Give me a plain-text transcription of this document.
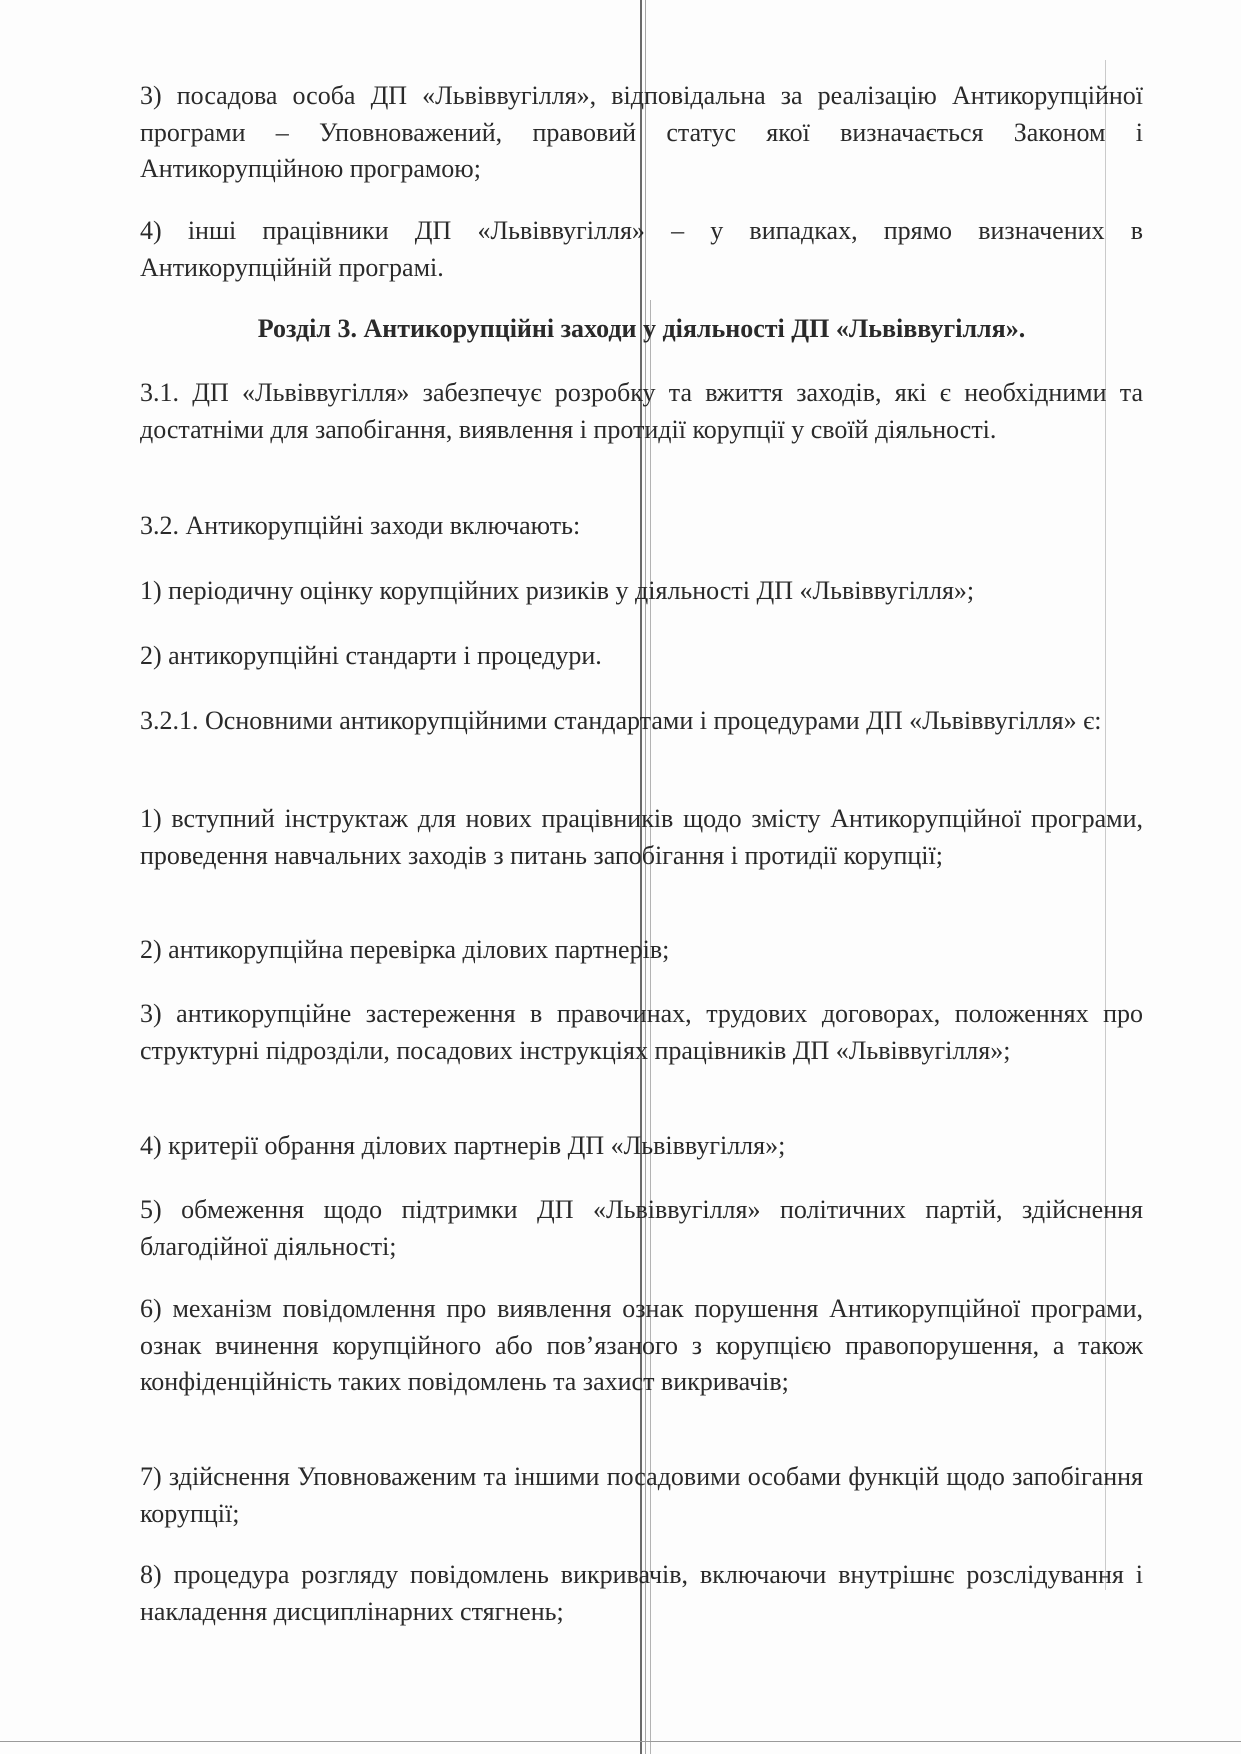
3) посадова особа ДП «Львіввугілля», відповідальна за реалізацію Антикорупційної програми – Уповноважений, правовий статус якої визначається Законом і Антикорупційною програмою;

4) інші працівники ДП «Львіввугілля» – у випадках, прямо визначених в Антикорупційній програмі.

Розділ 3. Антикорупційні заходи у діяльності ДП «Львіввугілля».

3.1. ДП «Львіввугілля» забезпечує розробку та вжиття заходів, які є необхідними та достатніми для запобігання, виявлення і протидії корупції у своїй діяльності.

3.2. Антикорупційні заходи включають:

1) періодичну оцінку корупційних ризиків у діяльності ДП «Львіввугілля»;

2) антикорупційні стандарти і процедури.

3.2.1. Основними антикорупційними стандартами і процедурами ДП «Львіввугілля» є:

1) вступний інструктаж для нових працівників щодо змісту Антикорупційної програми, проведення навчальних заходів з питань запобігання і протидії корупції;

2) антикорупційна перевірка ділових партнерів;

3) антикорупційне застереження в правочинах, трудових договорах, положеннях про структурні підрозділи, посадових інструкціях працівників ДП «Львіввугілля»;

4) критерії обрання ділових партнерів ДП «Львіввугілля»;

5) обмеження щодо підтримки ДП «Львіввугілля» політичних партій, здійснення благодійної діяльності;

6) механізм повідомлення про виявлення ознак порушення Антикорупційної програми, ознак вчинення корупційного або пов’язаного з корупцією правопорушення, а також конфіденційність таких повідомлень та захист викривачів;

7) здійснення Уповноваженим та іншими посадовими особами функцій щодо запобігання корупції;

8) процедура розгляду повідомлень викривачів, включаючи внутрішнє розслідування і накладення дисциплінарних стягнень;
